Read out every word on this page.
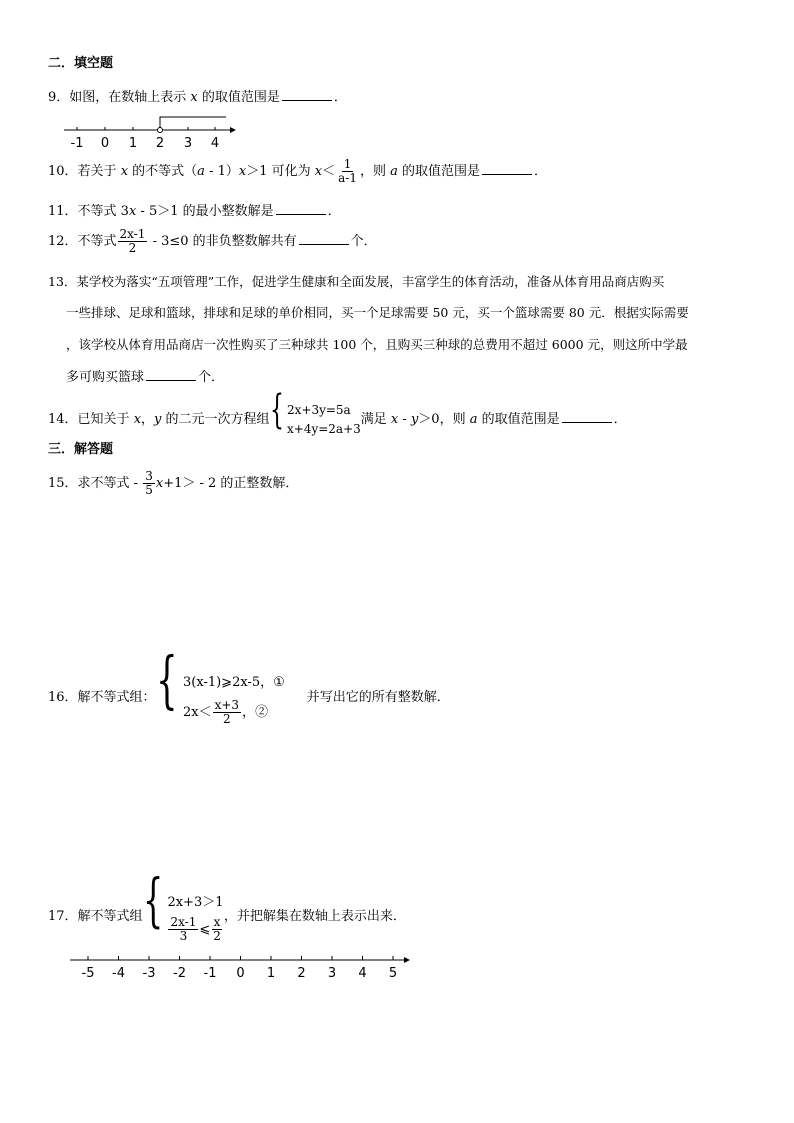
二．填空题
9．如图，在数轴上表示 x 的取值范围是	．
-1 0 1 2 3 4
10．若关于 x 的不等式（a - 1）x＞1 可化为 $x< \frac{1}{a-1}$ ，则 a 的取值范围是	．
11．不等式 3x - 5＞1 的最小整数解是	．
12．不等式 $\frac{2x-1}{2} - 3\le 0$ 的非负整数解共有	个．
13．某学校为落实“五项管理”工作，促进学生健康和全面发展，丰富学生的体育活动，准备从体育用品商店购买
一些排球、足球和篮球，排球和足球的单价相同，买一个足球需要 50 元，买一个篮球需要 80 元．根据实际需要
，该学校从体育用品商店一次性购买了三种球共 100 个，且购买三种球的总费用不超过 6000 元，则这所中学最
多可购买篮球	个．
14．已知关于 x，y 的二元一次方程组{ 2x+3y=5a
x+4y=2a+3
满足 x - y＞0，则 a 的取值范围是	．
三．解答题
15．求不等式 - $\frac{3}{5} x+1> - 2$ 的正整数解．
16．解不等式组：{ 3(x-1)⩾2x-5，①
$2x< \frac{x+3}{2}$ ，②
并写出它的所有整数解．
17．解不等式组{ 2x+3＞1
$\frac{2x-1}{3}$ ⩽ $\frac{x}{2}$ ，并把解集在数轴上表示出来．
-5 -4 -3 -2 -1 0 1 2 3 4 5
